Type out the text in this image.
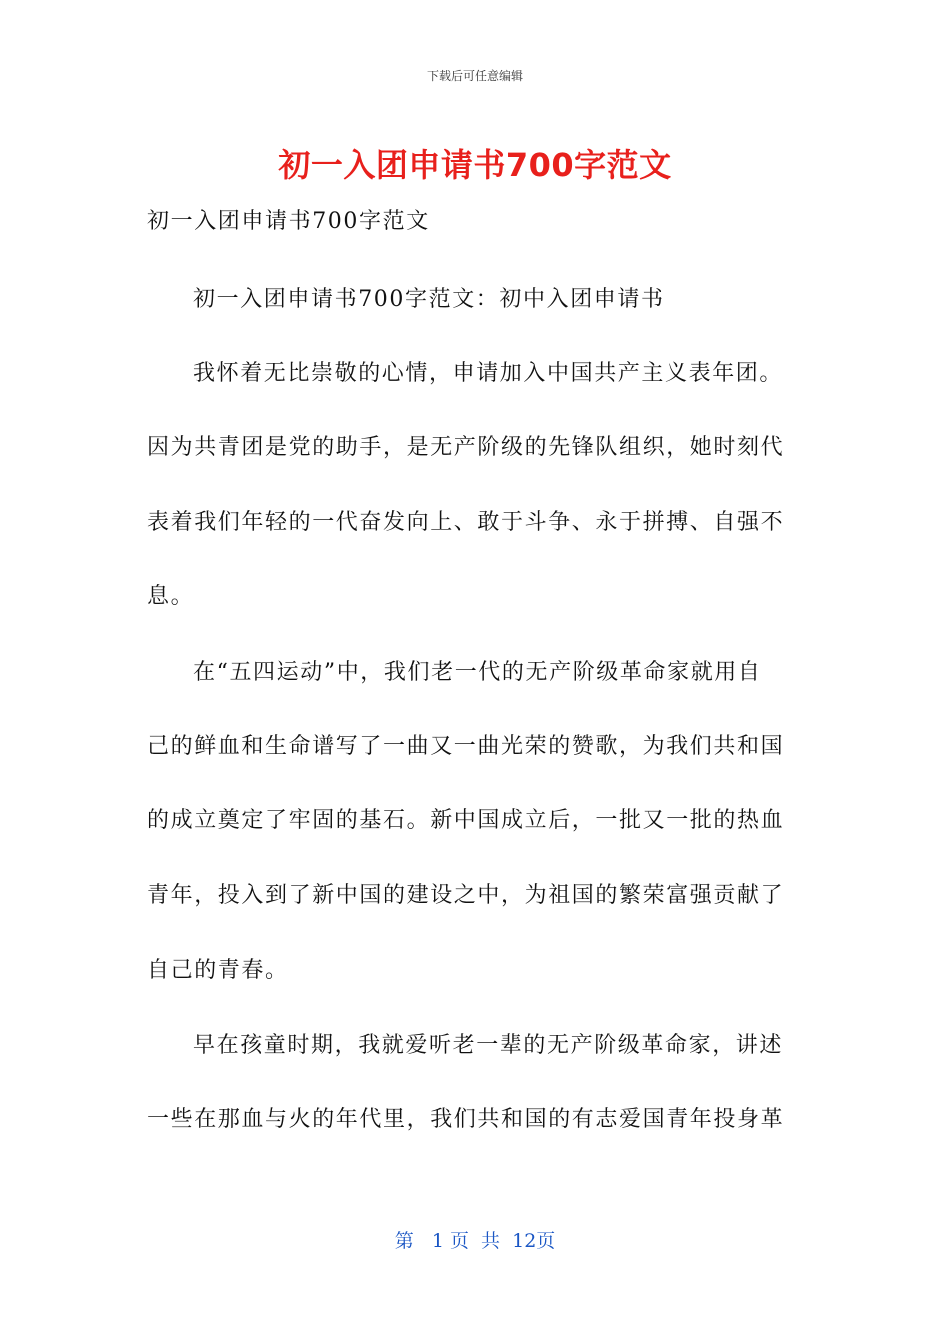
下载后可任意编辑
初一入团申请书700字范文
初一入团申请书700字范文
初一入团申请书700字范文：初中入团申请书
我怀着无比崇敬的心情，申请加入中国共产主义表年团。
因为共青团是党的助手，是无产阶级的先锋队组织，她时刻代
表着我们年轻的一代奋发向上、敢于斗争、永于拼搏、自强不
息。
在“五四运动”中，我们老一代的无产阶级革命家就用自
己的鲜血和生命谱写了一曲又一曲光荣的赞歌，为我们共和国
的成立奠定了牢固的基石。新中国成立后，一批又一批的热血
青年，投入到了新中国的建设之中，为祖国的繁荣富强贡献了
自己的青春。
早在孩童时期，我就爱听老一辈的无产阶级革命家，讲述
一些在那血与火的年代里，我们共和国的有志爱国青年投身革
第   1 页  共  12页
